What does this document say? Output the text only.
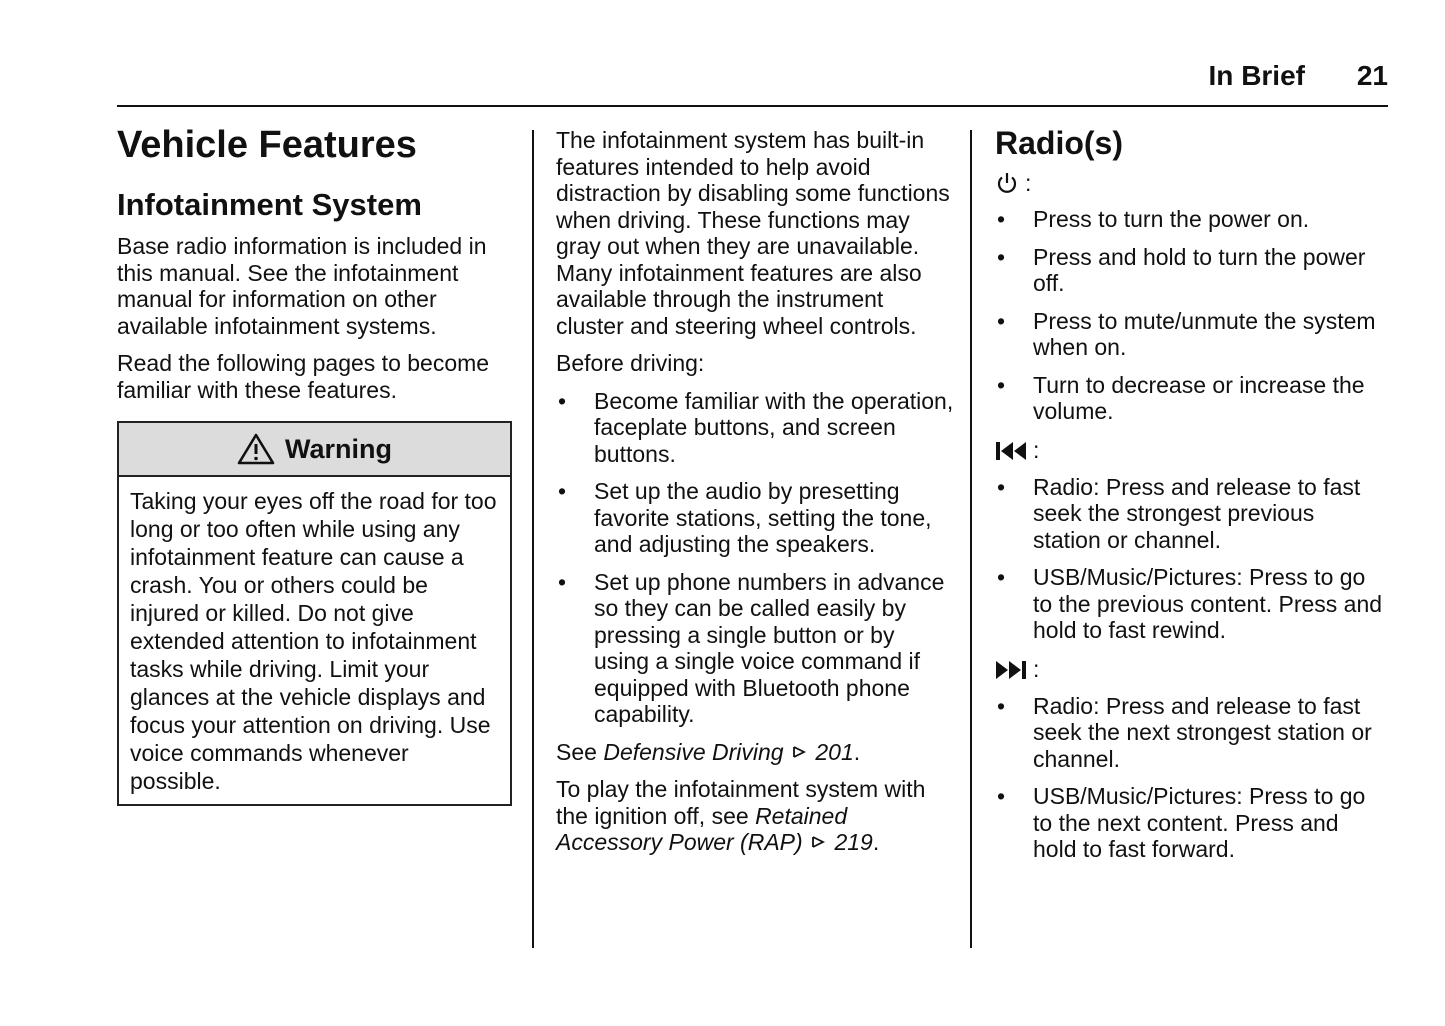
In Brief	21
Vehicle Features
Infotainment System

Base radio information is included in this manual. See the infotainment manual for information on other available infotainment systems.

Read the following pages to become familiar with these features.

Warning
Taking your eyes off the road for too long or too often while using any infotainment feature can cause a crash. You or others could be injured or killed. Do not give extended attention to infotainment tasks while driving. Limit your glances at the vehicle displays and focus your attention on driving. Use voice commands whenever possible.

The infotainment system has built-in features intended to help avoid distraction by disabling some functions when driving. These functions may gray out when they are unavailable. Many infotainment features are also available through the instrument cluster and steering wheel controls.

Before driving:

• Become familiar with the operation, faceplate buttons, and screen buttons.
• Set up the audio by presetting favorite stations, setting the tone, and adjusting the speakers.
• Set up phone numbers in advance so they can be called easily by pressing a single button or by using a single voice command if equipped with Bluetooth phone capability.

See Defensive Driving 201.

To play the infotainment system with the ignition off, see Retained Accessory Power (RAP) 219.

Radio(s)
:
• Press to turn the power on.
• Press and hold to turn the power off.
• Press to mute/unmute the system when on.
• Turn to decrease or increase the volume.
:
• Radio: Press and release to fast seek the strongest previous station or channel.
• USB/Music/Pictures: Press to go to the previous content. Press and hold to fast rewind.
:
• Radio: Press and release to fast seek the next strongest station or channel.
• USB/Music/Pictures: Press to go to the next content. Press and hold to fast forward.
